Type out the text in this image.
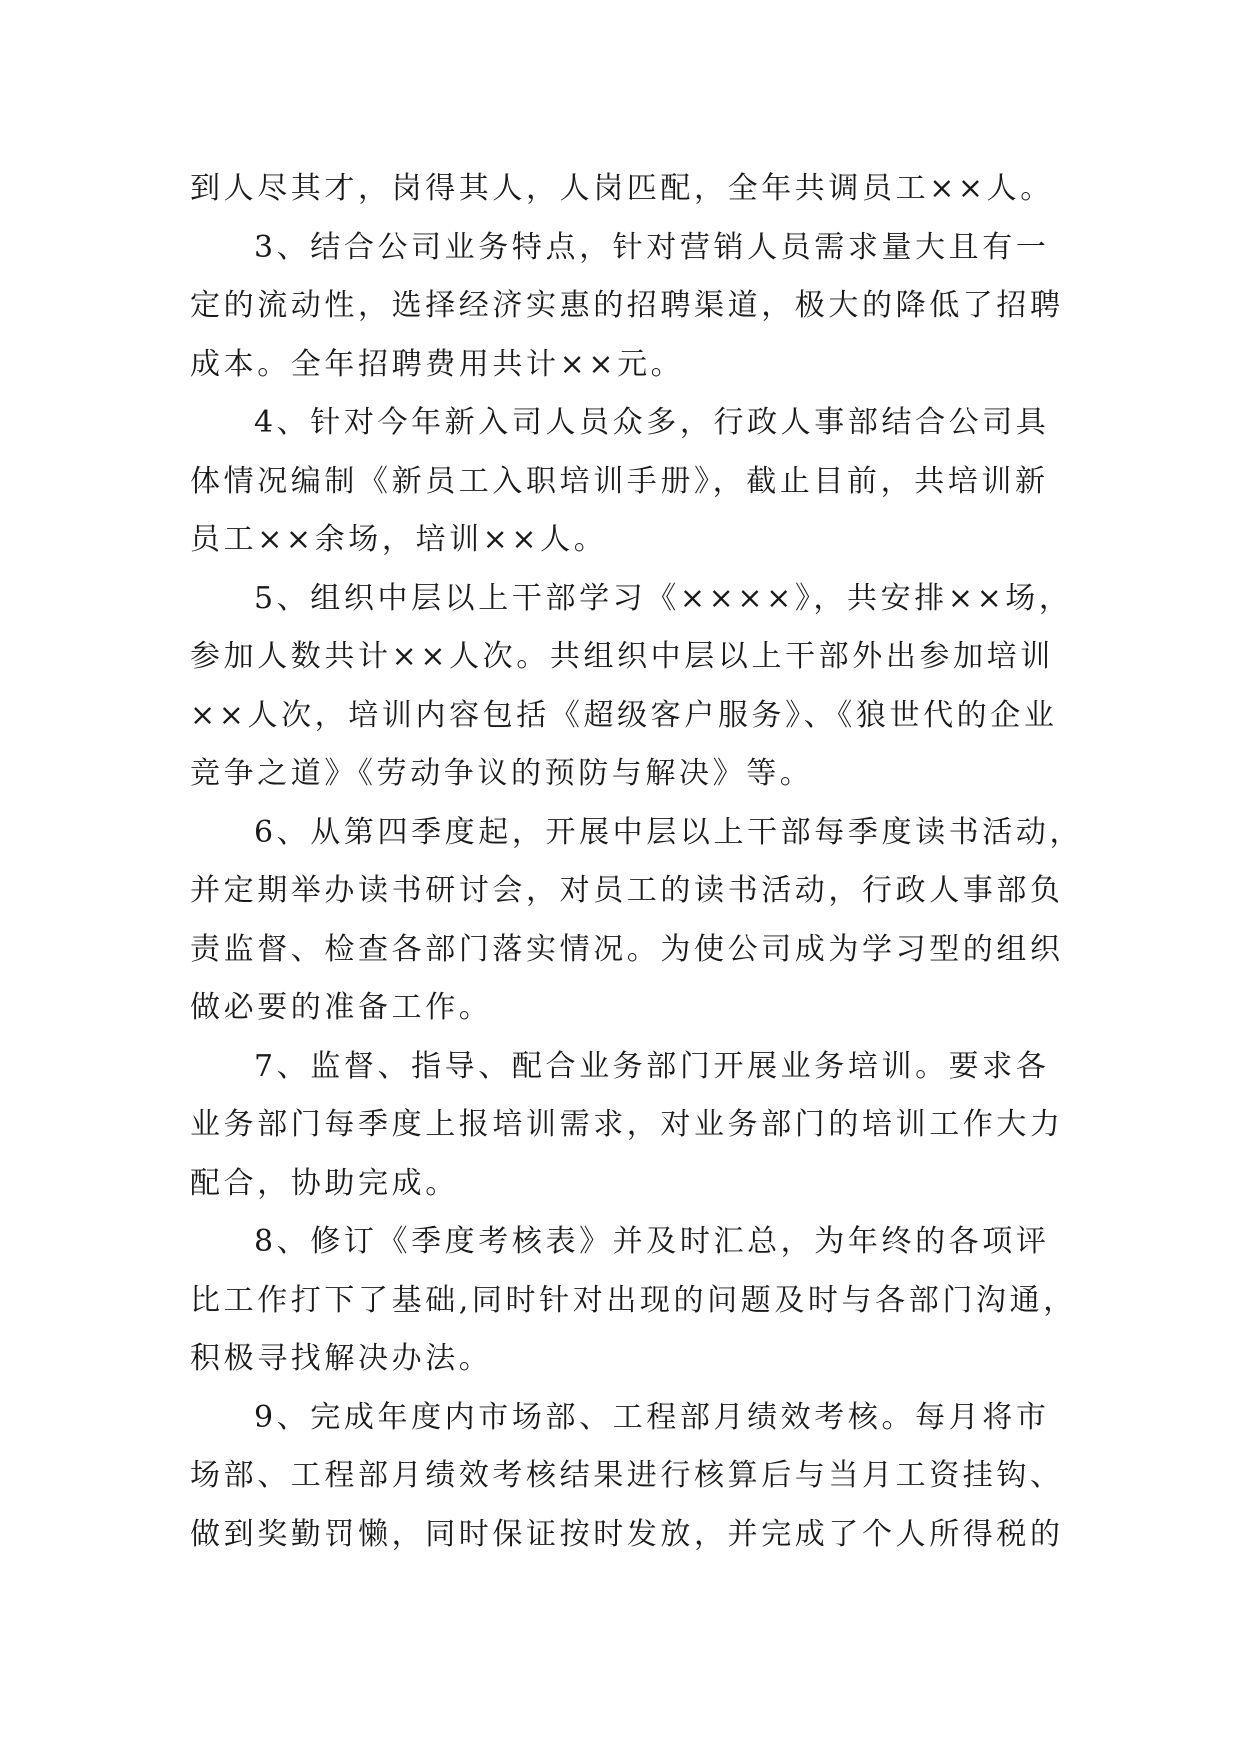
到人尽其才，岗得其人，人岗匹配，全年共调员工××人。
3、结合公司业务特点，针对营销人员需求量大且有一
定的流动性，选择经济实惠的招聘渠道，极大的降低了招聘
成本。全年招聘费用共计××元。
4、针对今年新入司人员众多，行政人事部结合公司具
体情况编制《新员工入职培训手册》，截止目前，共培训新
员工××余场，培训××人。
5、组织中层以上干部学习《××××》，共安排××场，
参加人数共计××人次。共组织中层以上干部外出参加培训
××人次，培训内容包括《超级客户服务》、《狼世代的企业
竞争之道》《劳动争议的预防与解决》等。
6、从第四季度起，开展中层以上干部每季度读书活动，
并定期举办读书研讨会，对员工的读书活动，行政人事部负
责监督、检查各部门落实情况。为使公司成为学习型的组织
做必要的准备工作。
7、监督、指导、配合业务部门开展业务培训。要求各
业务部门每季度上报培训需求，对业务部门的培训工作大力
配合，协助完成。
8、修订《季度考核表》并及时汇总，为年终的各项评
比工作打下了基础,同时针对出现的问题及时与各部门沟通，
积极寻找解决办法。
9、完成年度内市场部、工程部月绩效考核。每月将市
场部、工程部月绩效考核结果进行核算后与当月工资挂钩、
做到奖勤罚懒，同时保证按时发放，并完成了个人所得税的
